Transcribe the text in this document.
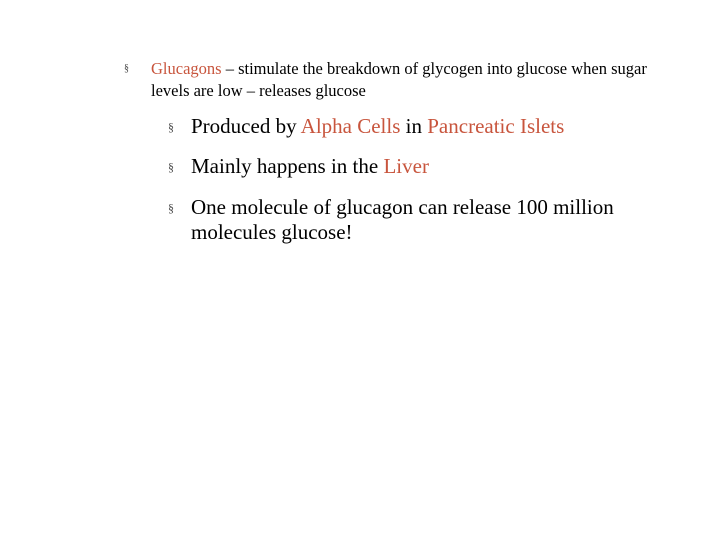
§ Glucagons – stimulate the breakdown of glycogen into glucose when sugar levels are low – releases glucose
§ Produced by Alpha Cells in Pancreatic Islets
§ Mainly happens in the Liver
§ One molecule of glucagon can release 100 million molecules glucose!
